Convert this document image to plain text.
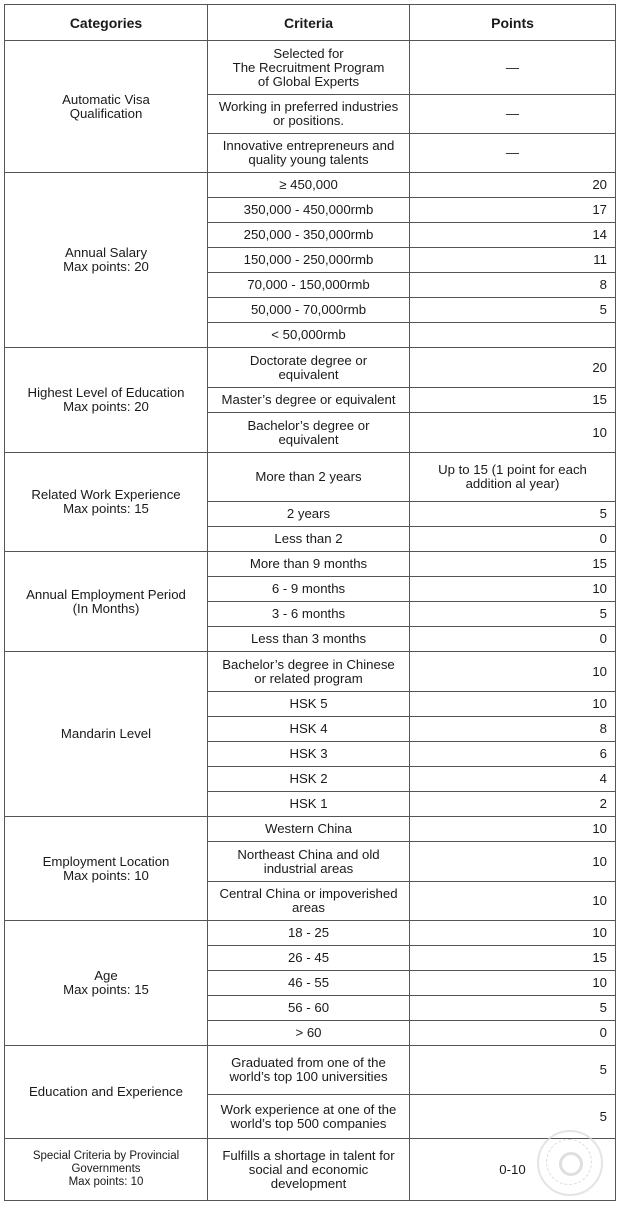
Categories	Criteria	Points
Automatic Visa
Qualification	Selected for
The Recruitment Program
of Global Experts	—
	Working in preferred industries
or positions.	—
	Innovative entrepreneurs and
quality young talents	—
Annual Salary
Max points: 20	≥ 450,000	20
	350,000 - 450,000rmb	17
	250,000 - 350,000rmb	14
	150,000 - 250,000rmb	11
	70,000 - 150,000rmb	8
	50,000 - 70,000rmb	5
	< 50,000rmb	
Highest Level of Education
Max points: 20	Doctorate degree or
equivalent	20
	Master’s degree or equivalent	15
	Bachelor’s degree or
equivalent	10
Related Work Experience
Max points: 15	More than 2 years	Up to 15 (1 point for each
addition al year)
	2 years	5
	Less than 2	0
Annual Employment Period
(In Months)	More than 9 months	15
	6 - 9 months	10
	3 - 6 months	5
	Less than 3 months	0
Mandarin Level	Bachelor’s degree in Chinese
or related program	10
	HSK 5	10
	HSK 4	8
	HSK 3	6
	HSK 2	4
	HSK 1	2
Employment Location
Max points: 10	Western China	10
	Northeast China and old
industrial areas	10
	Central China or impoverished
areas	10
Age
Max points: 15	18 - 25	10
	26 - 45	15
	46 - 55	10
	56 - 60	5
	> 60	0
Education and Experience	Graduated from one of the
world’s top 100 universities	5
	Work experience at one of the
world’s top 500 companies	5
Special Criteria by Provincial
Governments
Max points: 10	Fulfills a shortage in talent for
social and economic
development	0-10
